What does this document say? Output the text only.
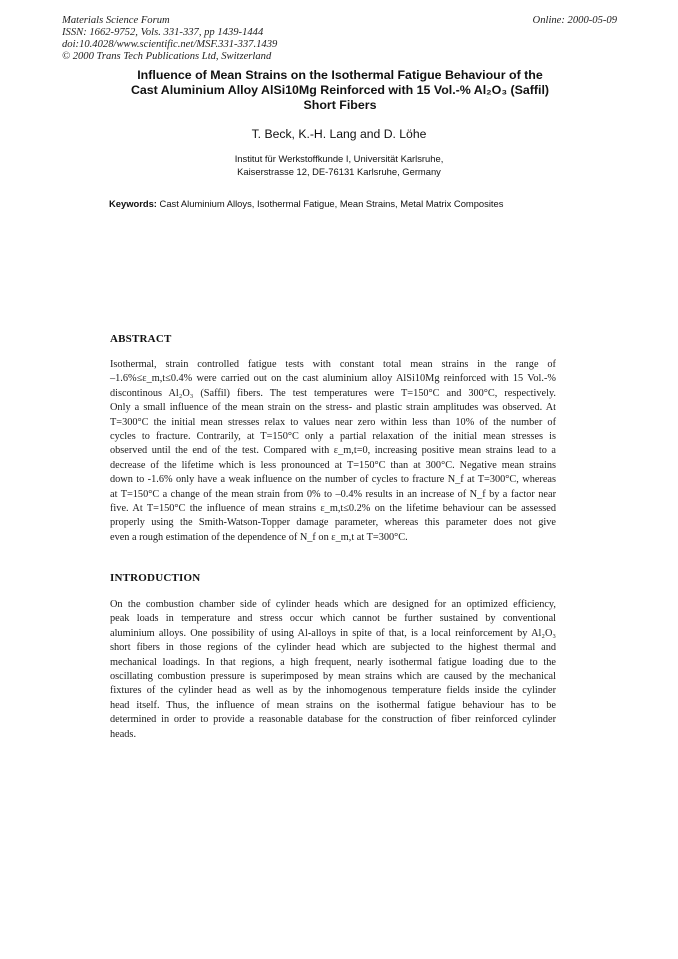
Materials Science Forum
ISSN: 1662-9752, Vols. 331-337, pp 1439-1444
doi:10.4028/www.scientific.net/MSF.331-337.1439
© 2000 Trans Tech Publications Ltd, Switzerland
Online: 2000-05-09
Influence of Mean Strains on the Isothermal Fatigue Behaviour of the
Cast Aluminium Alloy AlSi10Mg Reinforced with 15 Vol.-% Al₂O₃ (Saffil)
Short Fibers
T. Beck, K.-H. Lang and D. Löhe
Institut für Werkstoffkunde I, Universität Karlsruhe,
Kaiserstrasse 12, DE-76131 Karlsruhe, Germany
Keywords: Cast Aluminium Alloys, Isothermal Fatigue, Mean Strains, Metal Matrix Composites
ABSTRACT
Isothermal, strain controlled fatigue tests with constant total mean strains in the range of
–1.6%≤ε_m,t≤0.4% were carried out on the cast aluminium alloy AlSi10Mg reinforced with 15 Vol.-%
discontinous Al₂O₃ (Saffil) fibers. The test temperatures were T=150°C and 300°C, respectively.
Only a small influence of the mean strain on the stress- and plastic strain amplitudes was observed. At
T=300°C the initial mean stresses relax to values near zero within less than 10% of the number of
cycles to fracture. Contrarily, at T=150°C only a partial relaxation of the initial mean stresses is
observed until the end of the test. Compared with ε_m,t=0, increasing positive mean strains lead to a
decrease of the lifetime which is less pronounced at T=150°C than at 300°C. Negative mean strains
down to -1.6% only have a weak influence on the number of cycles to fracture N_f at T=300°C, whereas
at T=150°C a change of the mean strain from 0% to –0.4% results in an increase of N_f by a factor near
five. At T=150°C the influence of mean strains ε_m,t≤0.2% on the lifetime behaviour can be assessed
properly using the Smith-Watson-Topper damage parameter, whereas this parameter does not give
even a rough estimation of the dependence of N_f on ε_m,t at T=300°C.
INTRODUCTION
On the combustion chamber side of cylinder heads which are designed for an optimized efficiency,
peak loads in temperature and stress occur which cannot be further sustained by conventional
aluminium alloys. One possibility of using Al-alloys in spite of that, is a local reinforcement by Al₂O₃
short fibers in those regions of the cylinder head which are subjected to the highest thermal and
mechanical loadings. In that regions, a high frequent, nearly isothermal fatigue loading due to the
oscillating combustion pressure is superimposed by mean strains which are caused by the mechanical
fixtures of the cylinder head as well as by the inhomogenous temperature fields inside the cylinder
head itself. Thus, the influence of mean strains on the isothermal fatigue behaviour has to be
determined in order to provide a reasonable database for the construction of fiber reinforced cylinder
heads.
